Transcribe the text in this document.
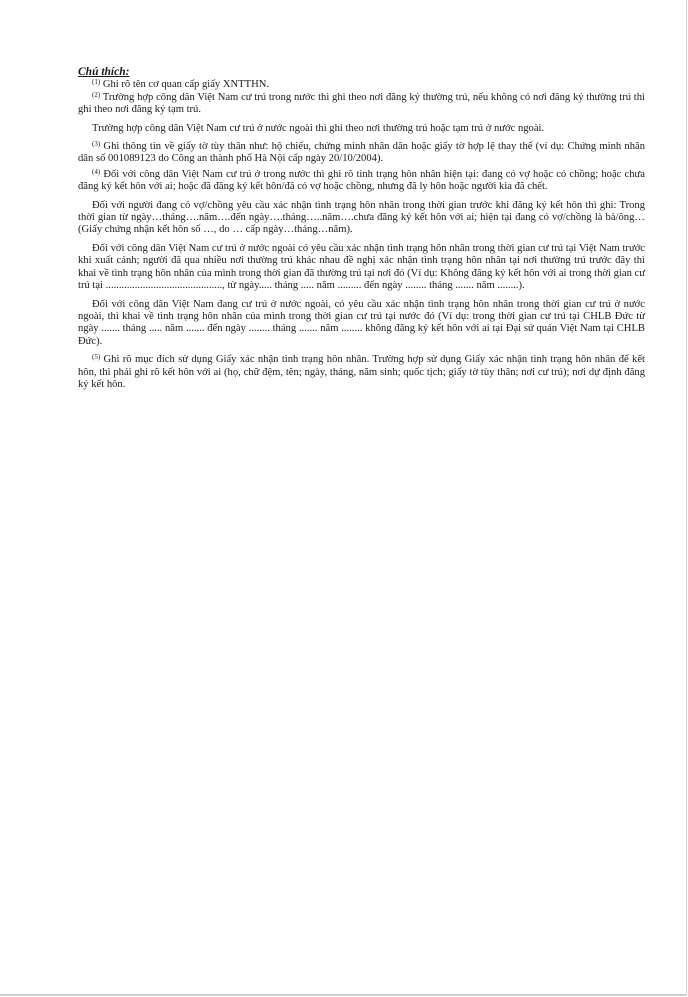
Chú thích:

$^{(1)}$ Ghi rõ tên cơ quan cấp giấy XNTTHN.

$^{(2)}$ Trường hợp công dân Việt Nam cư trú trong nước thì ghi theo nơi đăng ký thường trú, nếu không có nơi đăng ký thường trú thì ghi theo nơi đăng ký tạm trú.

Trường hợp công dân Việt Nam cư trú ở nước ngoài thì ghi theo nơi thường trú hoặc tạm trú ở nước ngoài.

$^{(3)}$ Ghi thông tin về giấy tờ tùy thân như: hộ chiếu, chứng minh nhân dân hoặc giấy tờ hợp lệ thay thế (ví dụ: Chứng minh nhân dân số 001089123 do Công an thành phố Hà Nội cấp ngày 20/10/2004).

$^{(4)}$ Đối với công dân Việt Nam cư trú ở trong nước thì ghi rõ tình trạng hôn nhân hiện tại: đang có vợ hoặc có chồng; hoặc chưa đăng ký kết hôn với ai; hoặc đã đăng ký kết hôn/đã có vợ hoặc chồng, nhưng đã ly hôn hoặc người kia đã chết.

Đối với người đang có vợ/chồng yêu cầu xác nhận tình trạng hôn nhân trong thời gian trước khi đăng ký kết hôn thì ghi: Trong thời gian từ ngày…tháng….năm….đến ngày….tháng…..năm….chưa đăng ký kết hôn với ai; hiện tại đang có vợ/chồng là bà/ông… (Giấy chứng nhận kết hôn số …, do … cấp ngày…tháng…năm).

Đối với công dân Việt Nam cư trú ở nước ngoài có yêu cầu xác nhận tình trạng hôn nhân trong thời gian cư trú tại Việt Nam trước khi xuất cảnh; người đã qua nhiều nơi thường trú khác nhau đề nghị xác nhận tình trạng hôn nhân tại nơi thường trú trước đây thì khai về tình trạng hôn nhân của mình trong thời gian đã thường trú tại nơi đó (Ví dụ: Không đăng ký kết hôn với ai trong thời gian cư trú tại ............................................, từ ngày..... tháng ..... năm ......... đến ngày ........ tháng ....... năm ........).

Đối với công dân Việt Nam đang cư trú ở nước ngoài, có yêu cầu xác nhận tình trạng hôn nhân trong thời gian cư trú ở nước ngoài, thì khai về tình trạng hôn nhân của mình trong thời gian cư trú tại nước đó (Ví dụ: trong thời gian cư trú tại CHLB Đức từ ngày ....... tháng ..... năm ....... đến ngày ........ tháng ....... năm ........ không đăng ký kết hôn với ai tại Đại sứ quán Việt Nam tại CHLB Đức).

$^{(5)}$ Ghi rõ mục đích sử dụng Giấy xác nhận tình trạng hôn nhân. Trường hợp sử dụng Giấy xác nhận tình trạng hôn nhân để kết hôn, thì phải ghi rõ kết hôn với ai (họ, chữ đệm, tên; ngày, tháng, năm sinh; quốc tịch; giấy tờ tùy thân; nơi cư trú); nơi dự định đăng ký kết hôn.
